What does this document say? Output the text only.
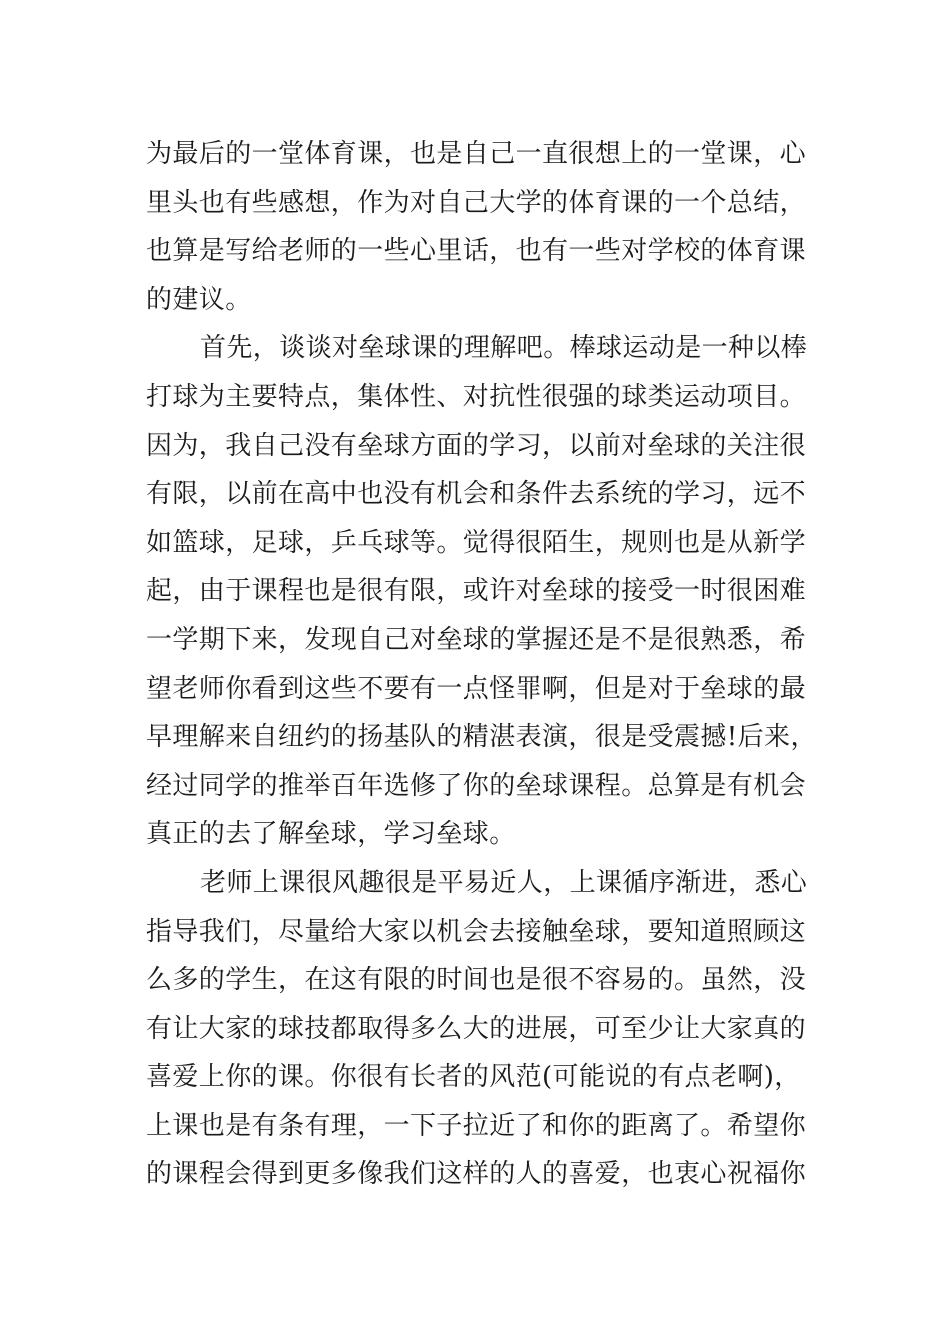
为最后的一堂体育课，也是自己一直很想上的一堂课，心
里头也有些感想，作为对自己大学的体育课的一个总结，
也算是写给老师的一些心里话，也有一些对学校的体育课
的建议。
首先，谈谈对垒球课的理解吧。棒球运动是一种以棒
打球为主要特点，集体性、对抗性很强的球类运动项目。
因为，我自己没有垒球方面的学习，以前对垒球的关注很
有限，以前在高中也没有机会和条件去系统的学习，远不
如篮球，足球，乒乓球等。觉得很陌生，规则也是从新学
起，由于课程也是很有限，或许对垒球的接受一时很困难
一学期下来，发现自己对垒球的掌握还是不是很熟悉，希
望老师你看到这些不要有一点怪罪啊，但是对于垒球的最
早理解来自纽约的扬基队的精湛表演，很是受震撼!后来，
经过同学的推举百年选修了你的垒球课程。总算是有机会
真正的去了解垒球，学习垒球。
老师上课很风趣很是平易近人，上课循序渐进，悉心
指导我们，尽量给大家以机会去接触垒球，要知道照顾这
么多的学生，在这有限的时间也是很不容易的。虽然，没
有让大家的球技都取得多么大的进展，可至少让大家真的
喜爱上你的课。你很有长者的风范(可能说的有点老啊)，
上课也是有条有理，一下子拉近了和你的距离了。希望你
的课程会得到更多像我们这样的人的喜爱，也衷心祝福你
